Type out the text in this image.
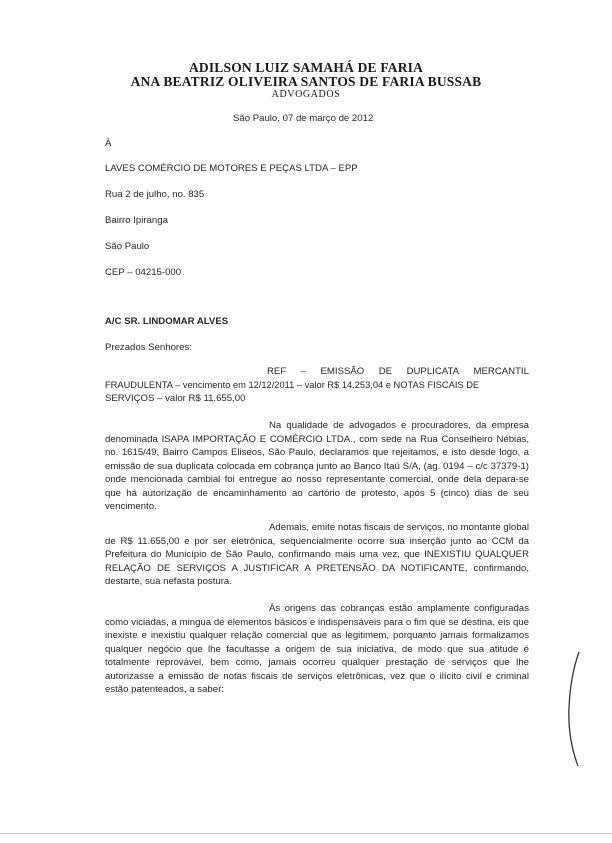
ADILSON LUIZ SAMAHÁ DE FARIA
ANA BEATRIZ OLIVEIRA SANTOS DE FARIA BUSSAB
ADVOGADOS
São Paulo, 07 de março de 2012
À
LAVES COMÉRCIO DE MOTORES E PEÇAS LTDA – EPP
Rua 2 de julho, no. 835
Bairro Ipiranga
São Paulo
CEP – 04215-000
A/C SR. LINDOMAR ALVES
Prezados Senhores:
REF – EMISSÃO DE DUPLICATA MERCANTIL
FRAUDULENTA – vencimento em 12/12/2011 – valor R$ 14.253,04 e NOTAS FISCAIS DE
SERVIÇOS – valor R$ 11.655,00
Na qualidade de advogados e procuradores, da empresa denominada ISAPA IMPORTAÇÃO E COMÉRCIO LTDA., com sede na Rua Conselheiro Nébias, no. 1615/49, Bairro Campos Eliseos, São Paulo, declaramos que rejeitamos, e isto desde logo, a emissão de sua duplicata colocada em cobrança junto ao Banco Itaú S/A, (ag. 0194 – c/c 37379-1) onde mencionada cambial foi entregue ao nosso representante comercial, onde dela depara-se que há autorização de encaminhamento ao cartório de protesto, após 5 (cinco) dias de seu vencimento.
Ademais, emite notas fiscais de serviços, no montante global de R$ 11.655,00 e por ser eletrônica, sequencialmente ocorre sua inserção junto ao CCM da Prefeitura do Município de São Paulo, confirmando mais uma vez, que INEXISTIU QUALQUER RELAÇÃO DE SERVIÇOS A JUSTIFICAR A PRETENSÃO DA NOTIFICANTE, confirmando, destarte, sua nefasta postura.
Às origens das cobranças estão amplamente configuradas como viciadas, a mingua de elementos básicos e indispensáveis para o fim que se destina, eis que inexiste e inexistiu qualquer relação comercial que as legitimem, porquanto jamais formalizamos qualquer negócio que lhe facultasse a origem de sua iniciativa, de modo que sua atitude é totalmente reprovável, bem como, jamais ocorreu qualquer prestação de serviços que lhe autorizasse a emissão de notas fiscais de serviços eletrônicas, vez que o ilícito civil e criminal estão patenteados, a saber:
